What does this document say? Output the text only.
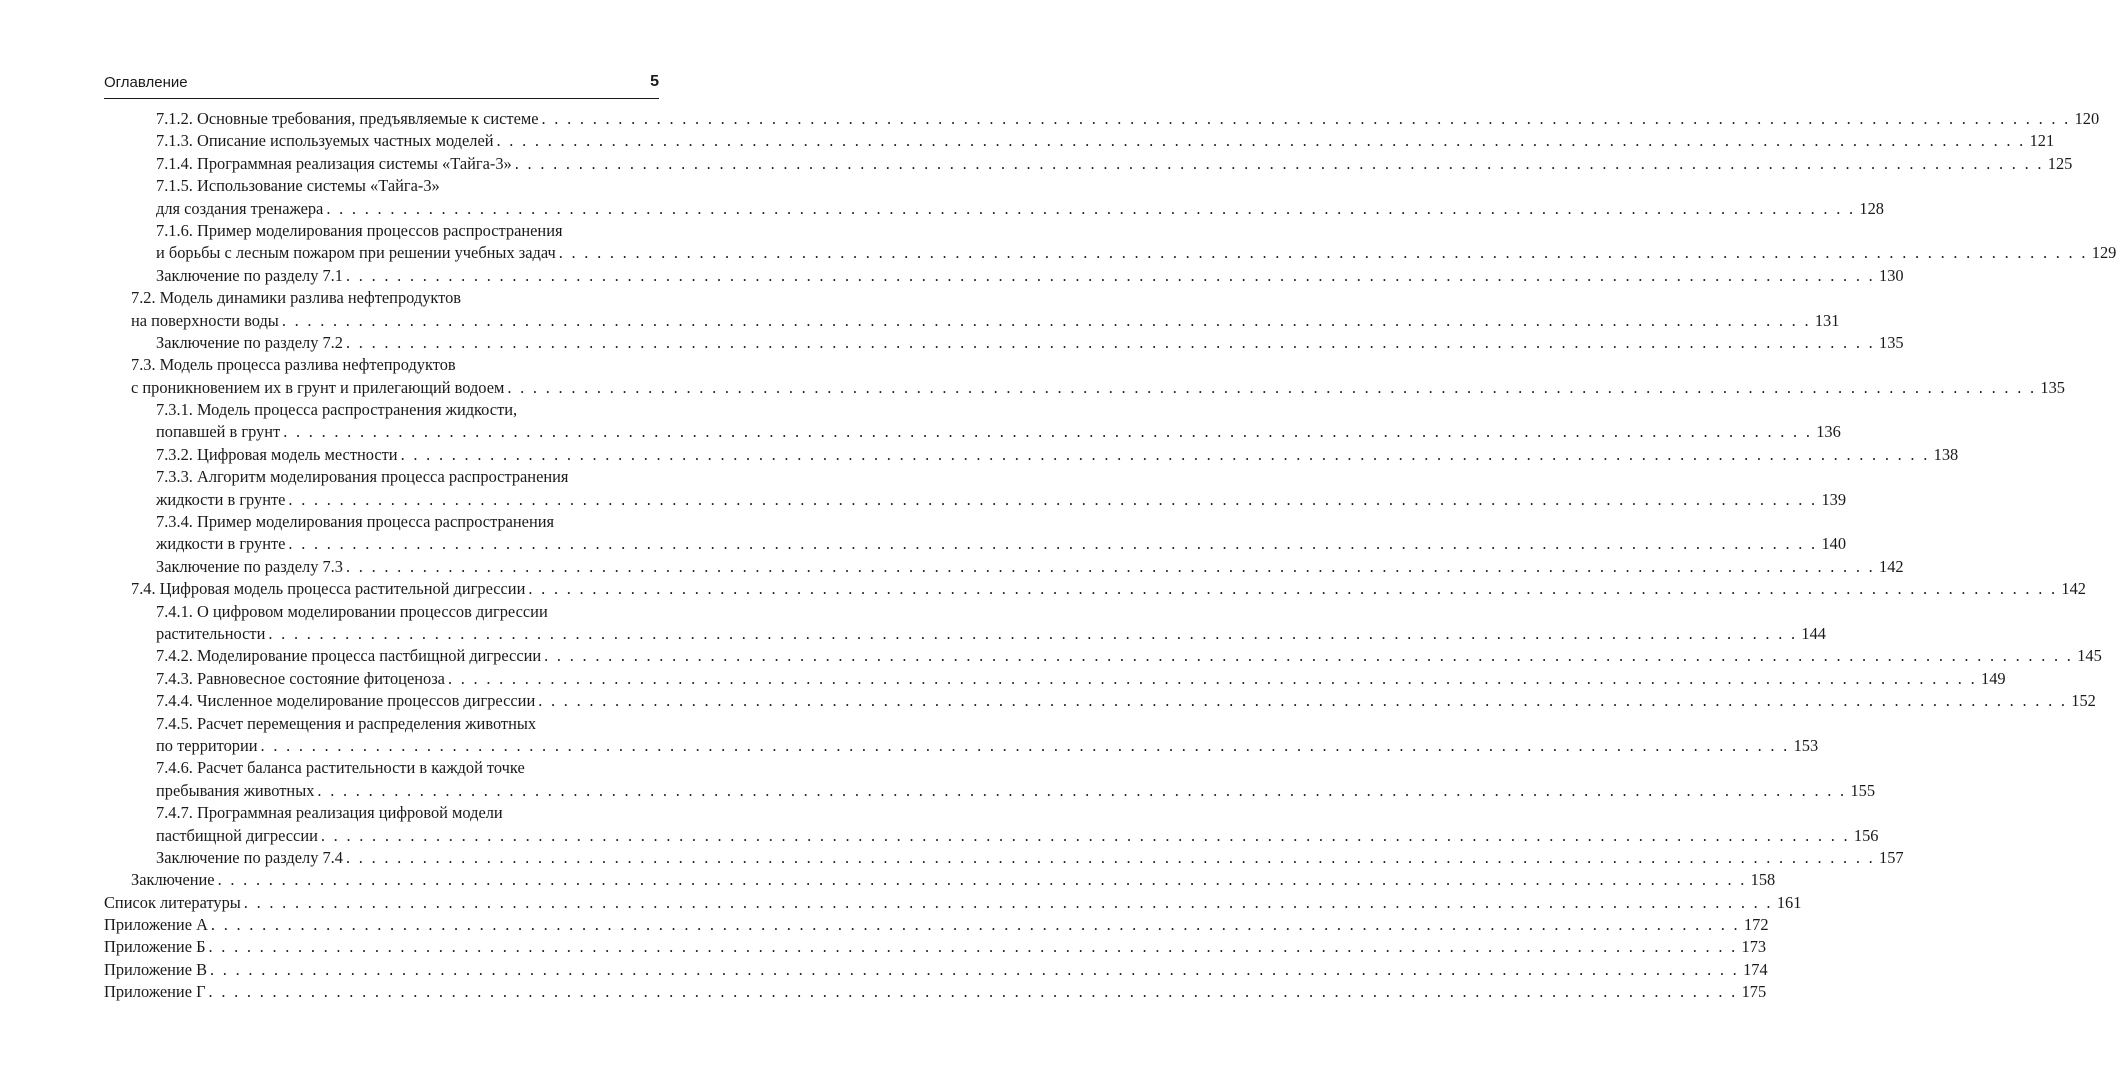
Оглавление	5
7.1.2. Основные требования, предъявляемые к системе . . . . . . . . . . . . . . . . . . . . . . . . . . . . . . . . . . . . . . . . . . . . . . . . . . . . . . . . . . . . . . . . . . . . . . . . . . . . . . . . . . . . . . . . . . . . . . . . . . . . . . . . . . . . . . . . . . . . . . . . 120
7.1.3. Описание используемых частных моделей . . . . . . . . . . . . . . . . . . . . . . . . . . . . . . . . . . . . . . . . . . . . . . . . . . . . . . . . . . . . . . . . . . . . . . . . . . . . . . . . . . . . . . . . . . . . . . . . . . . . . . . . . . . . . . . . . . . . . . . . 121
7.1.4. Программная реализация системы «Тайга-3» . . . . . . . . . . . . . . . . . . . . . . . . . . . . . . . . . . . . . . . . . . . . . . . . . . . . . . . . . . . . . . . . . . . . . . . . . . . . . . . . . . . . . . . . . . . . . . . . . . . . . . . . . . . . . . . . . . . . . . . . 125
7.1.5. Использование системы «Тайга-3»
для создания тренажера . . . . . . . . . . . . . . . . . . . . . . . . . . . . . . . . . . . . . . . . . . . . . . . . . . . . . . . . . . . . . . . . . . . . . . . . . . . . . . . . . . . . . . . . . . . . . . . . . . . . . . . . . . . . . . . . . . . . . . . . 128
7.1.6. Пример моделирования процессов распространения
и борьбы с лесным пожаром при решении учебных задач . . . . . . . . . . . . . . . . . . . . . . . . . . . . . . . . . . . . . . . . . . . . . . . . . . . . . . . . . . . . . . . . . . . . . . . . . . . . . . . . . . . . . . . . . . . . . . . . . . . . . . . . . . . . . . . . . . . . . . . . 129
Заключение по разделу 7.1 . . . . . . . . . . . . . . . . . . . . . . . . . . . . . . . . . . . . . . . . . . . . . . . . . . . . . . . . . . . . . . . . . . . . . . . . . . . . . . . . . . . . . . . . . . . . . . . . . . . . . . . . . . . . . . . . . . . . . . . . 130
7.2. Модель динамики разлива нефтепродуктов
на поверхности воды . . . . . . . . . . . . . . . . . . . . . . . . . . . . . . . . . . . . . . . . . . . . . . . . . . . . . . . . . . . . . . . . . . . . . . . . . . . . . . . . . . . . . . . . . . . . . . . . . . . . . . . . . . . . . . . . . . . . . . . . 131
Заключение по разделу 7.2 . . . . . . . . . . . . . . . . . . . . . . . . . . . . . . . . . . . . . . . . . . . . . . . . . . . . . . . . . . . . . . . . . . . . . . . . . . . . . . . . . . . . . . . . . . . . . . . . . . . . . . . . . . . . . . . . . . . . . . . . 135
7.3. Модель процесса разлива нефтепродуктов
с проникновением их в грунт и прилегающий водоем . . . . . . . . . . . . . . . . . . . . . . . . . . . . . . . . . . . . . . . . . . . . . . . . . . . . . . . . . . . . . . . . . . . . . . . . . . . . . . . . . . . . . . . . . . . . . . . . . . . . . . . . . . . . . . . . . . . . . . . . 135
7.3.1. Модель процесса распространения жидкости,
попавшей в грунт . . . . . . . . . . . . . . . . . . . . . . . . . . . . . . . . . . . . . . . . . . . . . . . . . . . . . . . . . . . . . . . . . . . . . . . . . . . . . . . . . . . . . . . . . . . . . . . . . . . . . . . . . . . . . . . . . . . . . . . . 136
7.3.2. Цифровая модель местности . . . . . . . . . . . . . . . . . . . . . . . . . . . . . . . . . . . . . . . . . . . . . . . . . . . . . . . . . . . . . . . . . . . . . . . . . . . . . . . . . . . . . . . . . . . . . . . . . . . . . . . . . . . . . . . . . . . . . . . . 138
7.3.3. Алгоритм моделирования процесса распространения
жидкости в грунте . . . . . . . . . . . . . . . . . . . . . . . . . . . . . . . . . . . . . . . . . . . . . . . . . . . . . . . . . . . . . . . . . . . . . . . . . . . . . . . . . . . . . . . . . . . . . . . . . . . . . . . . . . . . . . . . . . . . . . . . 139
7.3.4. Пример моделирования процесса распространения
жидкости в грунте . . . . . . . . . . . . . . . . . . . . . . . . . . . . . . . . . . . . . . . . . . . . . . . . . . . . . . . . . . . . . . . . . . . . . . . . . . . . . . . . . . . . . . . . . . . . . . . . . . . . . . . . . . . . . . . . . . . . . . . . 140
Заключение по разделу 7.3 . . . . . . . . . . . . . . . . . . . . . . . . . . . . . . . . . . . . . . . . . . . . . . . . . . . . . . . . . . . . . . . . . . . . . . . . . . . . . . . . . . . . . . . . . . . . . . . . . . . . . . . . . . . . . . . . . . . . . . . . 142
7.4. Цифровая модель процесса растительной дигрессии . . . . . . . . . . . . . . . . . . . . . . . . . . . . . . . . . . . . . . . . . . . . . . . . . . . . . . . . . . . . . . . . . . . . . . . . . . . . . . . . . . . . . . . . . . . . . . . . . . . . . . . . . . . . . . . . . . . . . . . . 142
7.4.1. О цифровом моделировании процессов дигрессии
растительности . . . . . . . . . . . . . . . . . . . . . . . . . . . . . . . . . . . . . . . . . . . . . . . . . . . . . . . . . . . . . . . . . . . . . . . . . . . . . . . . . . . . . . . . . . . . . . . . . . . . . . . . . . . . . . . . . . . . . . . . 144
7.4.2. Моделирование процесса пастбищной дигрессии . . . . . . . . . . . . . . . . . . . . . . . . . . . . . . . . . . . . . . . . . . . . . . . . . . . . . . . . . . . . . . . . . . . . . . . . . . . . . . . . . . . . . . . . . . . . . . . . . . . . . . . . . . . . . . . . . . . . . . . . 145
7.4.3. Равновесное состояние фитоценоза . . . . . . . . . . . . . . . . . . . . . . . . . . . . . . . . . . . . . . . . . . . . . . . . . . . . . . . . . . . . . . . . . . . . . . . . . . . . . . . . . . . . . . . . . . . . . . . . . . . . . . . . . . . . . . . . . . . . . . . . 149
7.4.4. Численное моделирование процессов дигрессии . . . . . . . . . . . . . . . . . . . . . . . . . . . . . . . . . . . . . . . . . . . . . . . . . . . . . . . . . . . . . . . . . . . . . . . . . . . . . . . . . . . . . . . . . . . . . . . . . . . . . . . . . . . . . . . . . . . . . . . . 152
7.4.5. Расчет перемещения и распределения животных
по территории . . . . . . . . . . . . . . . . . . . . . . . . . . . . . . . . . . . . . . . . . . . . . . . . . . . . . . . . . . . . . . . . . . . . . . . . . . . . . . . . . . . . . . . . . . . . . . . . . . . . . . . . . . . . . . . . . . . . . . . . 153
7.4.6. Расчет баланса растительности в каждой точке
пребывания животных . . . . . . . . . . . . . . . . . . . . . . . . . . . . . . . . . . . . . . . . . . . . . . . . . . . . . . . . . . . . . . . . . . . . . . . . . . . . . . . . . . . . . . . . . . . . . . . . . . . . . . . . . . . . . . . . . . . . . . . . 155
7.4.7. Программная реализация цифровой модели
пастбищной дигрессии . . . . . . . . . . . . . . . . . . . . . . . . . . . . . . . . . . . . . . . . . . . . . . . . . . . . . . . . . . . . . . . . . . . . . . . . . . . . . . . . . . . . . . . . . . . . . . . . . . . . . . . . . . . . . . . . . . . . . . . . 156
Заключение по разделу 7.4 . . . . . . . . . . . . . . . . . . . . . . . . . . . . . . . . . . . . . . . . . . . . . . . . . . . . . . . . . . . . . . . . . . . . . . . . . . . . . . . . . . . . . . . . . . . . . . . . . . . . . . . . . . . . . . . . . . . . . . . . 157
Заключение . . . . . . . . . . . . . . . . . . . . . . . . . . . . . . . . . . . . . . . . . . . . . . . . . . . . . . . . . . . . . . . . . . . . . . . . . . . . . . . . . . . . . . . . . . . . . . . . . . . . . . . . . . . . . . . . . . . . . . . . 158
Список литературы . . . . . . . . . . . . . . . . . . . . . . . . . . . . . . . . . . . . . . . . . . . . . . . . . . . . . . . . . . . . . . . . . . . . . . . . . . . . . . . . . . . . . . . . . . . . . . . . . . . . . . . . . . . . . . . . . . . . . . . . 161
Приложение А . . . . . . . . . . . . . . . . . . . . . . . . . . . . . . . . . . . . . . . . . . . . . . . . . . . . . . . . . . . . . . . . . . . . . . . . . . . . . . . . . . . . . . . . . . . . . . . . . . . . . . . . . . . . . . . . . . . . . . . . 172
Приложение Б . . . . . . . . . . . . . . . . . . . . . . . . . . . . . . . . . . . . . . . . . . . . . . . . . . . . . . . . . . . . . . . . . . . . . . . . . . . . . . . . . . . . . . . . . . . . . . . . . . . . . . . . . . . . . . . . . . . . . . . . 173
Приложение В . . . . . . . . . . . . . . . . . . . . . . . . . . . . . . . . . . . . . . . . . . . . . . . . . . . . . . . . . . . . . . . . . . . . . . . . . . . . . . . . . . . . . . . . . . . . . . . . . . . . . . . . . . . . . . . . . . . . . . . . 174
Приложение Г . . . . . . . . . . . . . . . . . . . . . . . . . . . . . . . . . . . . . . . . . . . . . . . . . . . . . . . . . . . . . . . . . . . . . . . . . . . . . . . . . . . . . . . . . . . . . . . . . . . . . . . . . . . . . . . . . . . . . . . . 175
